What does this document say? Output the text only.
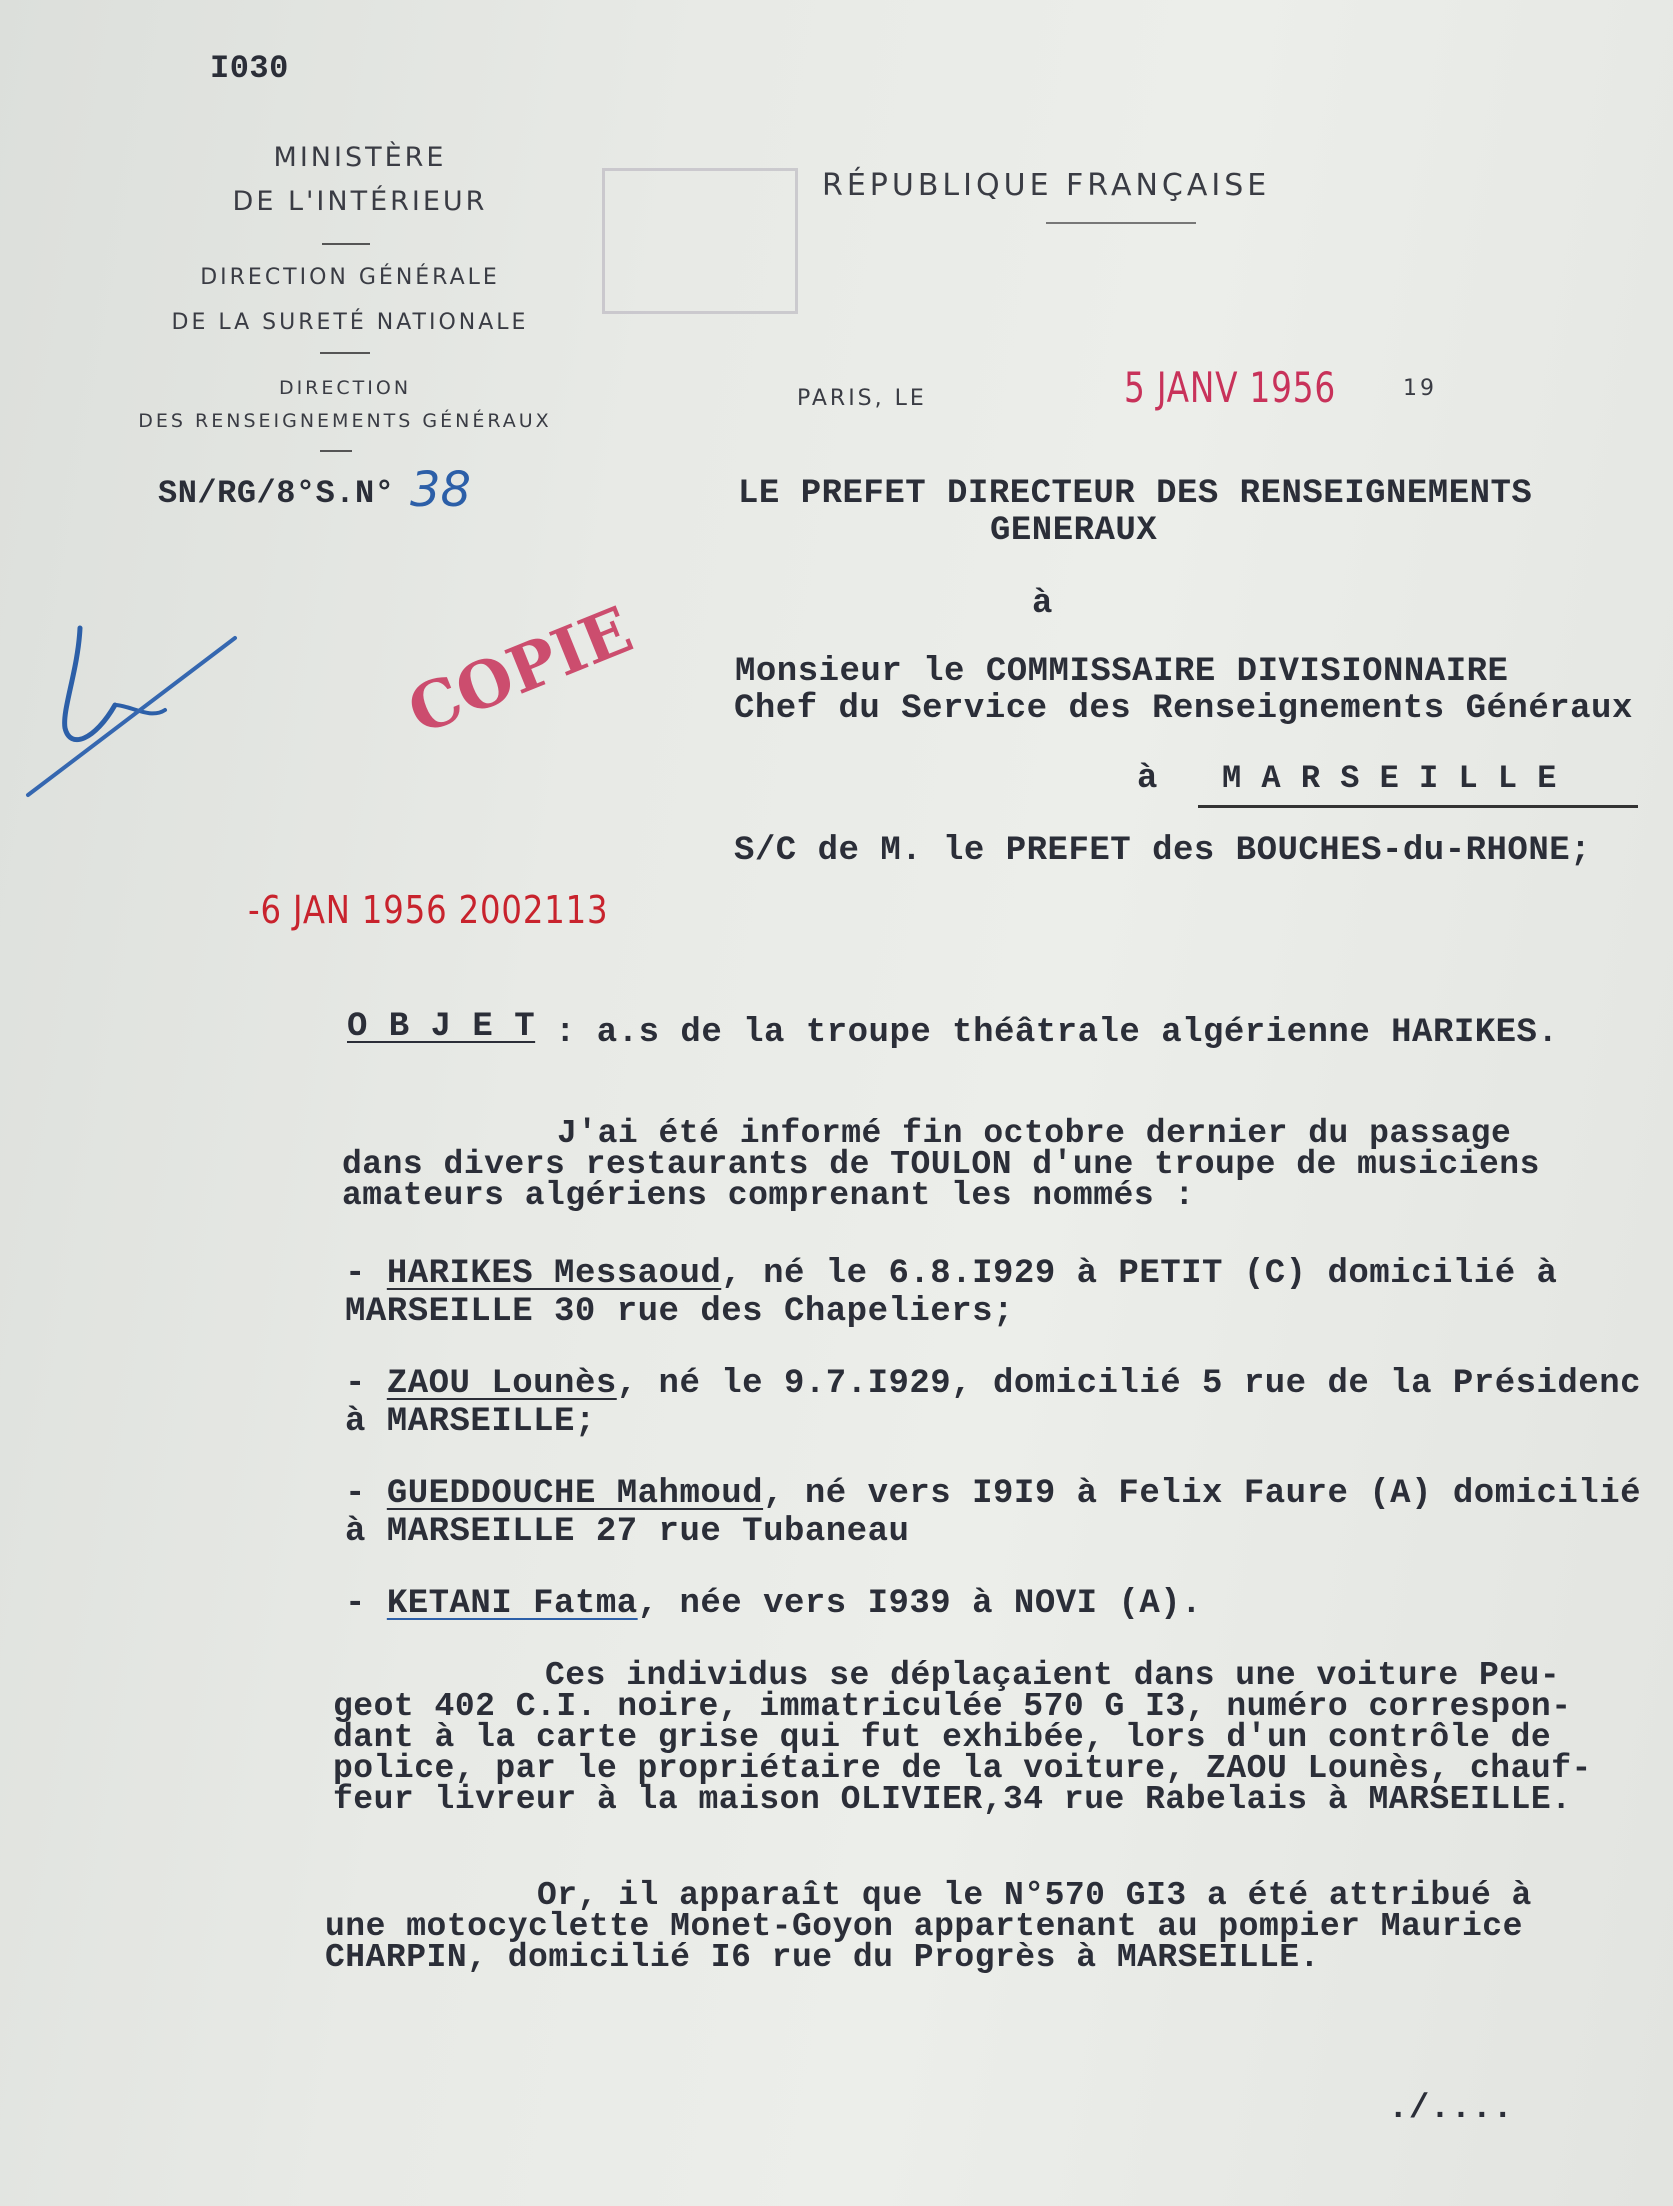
I030
MINISTÈRE
DE L'INTÉRIEUR
DIRECTION GÉNÉRALE
DE LA SURETÉ NATIONALE
DIRECTION
DES RENSEIGNEMENTS GÉNÉRAUX
SN/RG/8°S.N° 38
RÉPUBLIQUE FRANÇAISE
PARIS, LE	5 JANV 1956	19
LE PREFET DIRECTEUR DES RENSEIGNEMENTS
GENERAUX
à
Monsieur le COMMISSAIRE DIVISIONNAIRE
Chef du Service des Renseignements Généraux
à M A R S E I L L E
S/C de M. le PREFET des BOUCHES-du-RHONE;
COPIE
-6 JAN 1956 2002113
O B J E T : a.s de la troupe théâtrale algérienne HARIKES.
J'ai été informé fin octobre dernier du passage
dans divers restaurants de TOULON d'une troupe de musiciens
amateurs algériens comprenant les nommés :
- HARIKES Messaoud, né le 6.8.I929 à PETIT (C) domicilié à
MARSEILLE 30 rue des Chapeliers;
- ZAOU Lounès, né le 9.7.I929, domicilié 5 rue de la Présidenc
à MARSEILLE;
- GUEDDOUCHE Mahmoud, né vers I9I9 à Felix Faure (A) domicilié
à MARSEILLE 27 rue Tubaneau
- KETANI Fatma, née vers I939 à NOVI (A).
Ces individus se déplaçaient dans une voiture Peu-
geot 402 C.I. noire, immatriculée 570 G I3, numéro correspon-
dant à la carte grise qui fut exhibée, lors d'un contrôle de
police, par le propriétaire de la voiture, ZAOU Lounès, chauf-
feur livreur à la maison OLIVIER,34 rue Rabelais à MARSEILLE.
Or, il apparaît que le N°570 GI3 a été attribué à
une motocyclette Monet-Goyon appartenant au pompier Maurice
CHARPIN, domicilié I6 rue du Progrès à MARSEILLE.
./....
